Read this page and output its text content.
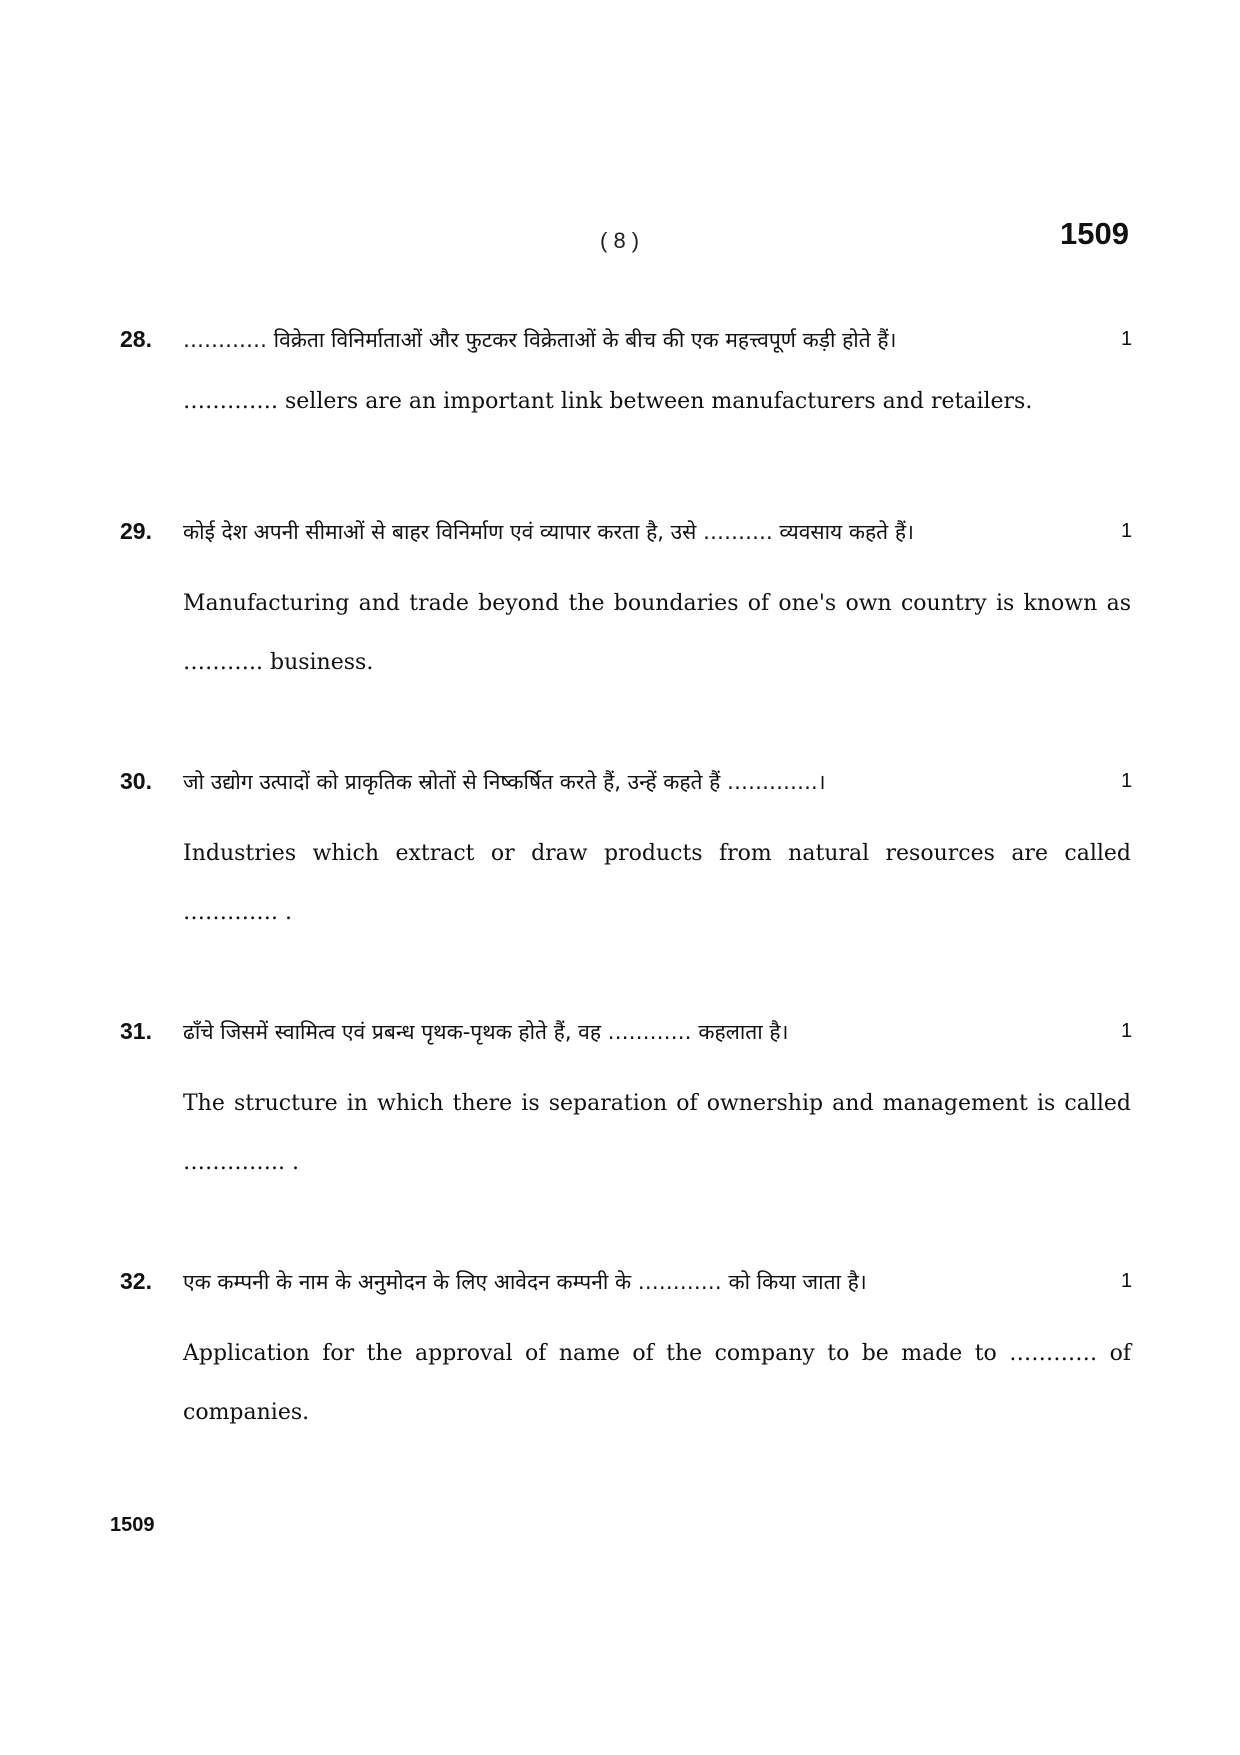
( 8 )	1509
28. ………… विक्रेता विनिर्माताओं और फुटकर विक्रेताओं के बीच की एक महत्त्वपूर्ण कड़ी होते हैं।	1
…………. sellers are an important link between manufacturers and retailers.
29. कोई देश अपनी सीमाओं से बाहर विनिर्माण एवं व्यापार करता है, उसे ………. व्यवसाय कहते हैं।	1
Manufacturing and trade beyond the boundaries of one's own country is known as ……….. business.
30. जो उद्योग उत्पादों को प्राकृतिक स्रोतों से निष्कर्षित करते हैं, उन्हें कहते हैं ………….।	1
Industries which extract or draw products from natural resources are called …………. .
31. ढाँचे जिसमें स्वामित्व एवं प्रबन्ध पृथक-पृथक होते हैं, वह ………… कहलाता है।	1
The structure in which there is separation of ownership and management is called ………….. .
32. एक कम्पनी के नाम के अनुमोदन के लिए आवेदन कम्पनी के ………… को किया जाता है।	1
Application for the approval of name of the company to be made to ………… of companies.
1509
